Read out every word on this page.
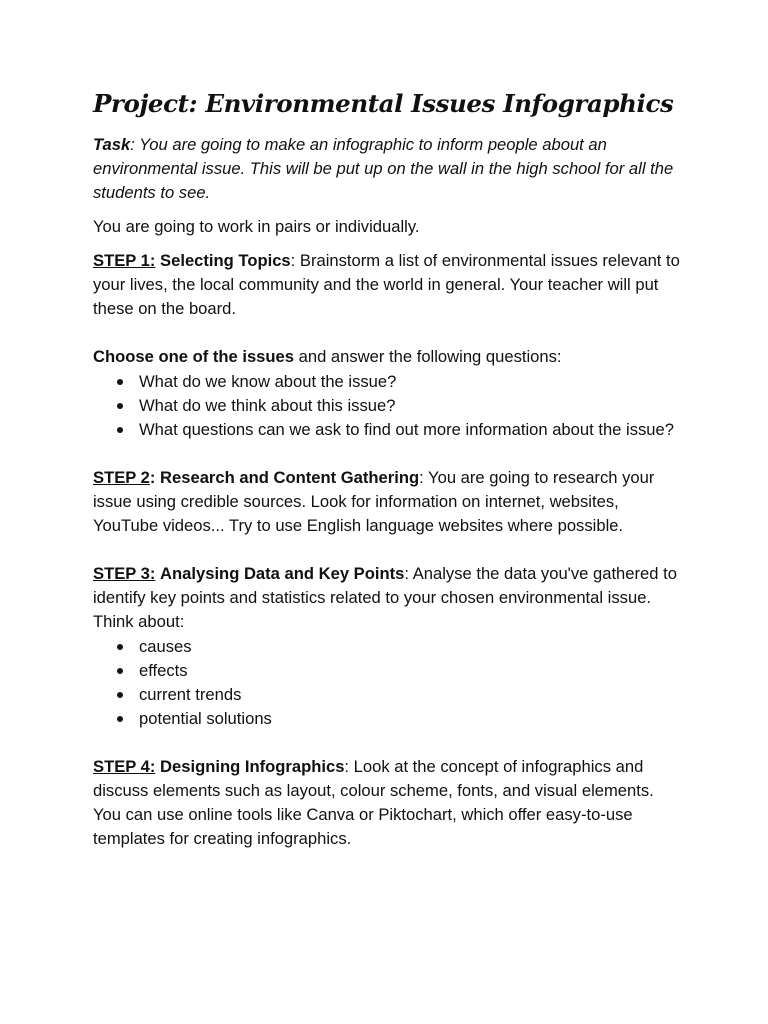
Project: Environmental Issues Infographics

Task: You are going to make an infographic to inform people about an environmental issue. This will be put up on the wall in the high school for all the students to see.

You are going to work in pairs or individually.

STEP 1: Selecting Topics: Brainstorm a list of environmental issues relevant to your lives, the local community and the world in general. Your teacher will put these on the board.

Choose one of the issues and answer the following questions:

What do we know about the issue?
What do we think about this issue?
What questions can we ask to find out more information about the issue?

STEP 2: Research and Content Gathering: You are going to research your issue using credible sources. Look for information on internet, websites, YouTube videos... Try to use English language websites where possible.

STEP 3: Analysing Data and Key Points: Analyse the data you've gathered to identify key points and statistics related to your chosen environmental issue. Think about:

causes
effects
current trends
potential solutions

STEP 4: Designing Infographics: Look at the concept of infographics and discuss elements such as layout, colour scheme, fonts, and visual elements.

You can use online tools like Canva or Piktochart, which offer easy-to-use templates for creating infographics.
